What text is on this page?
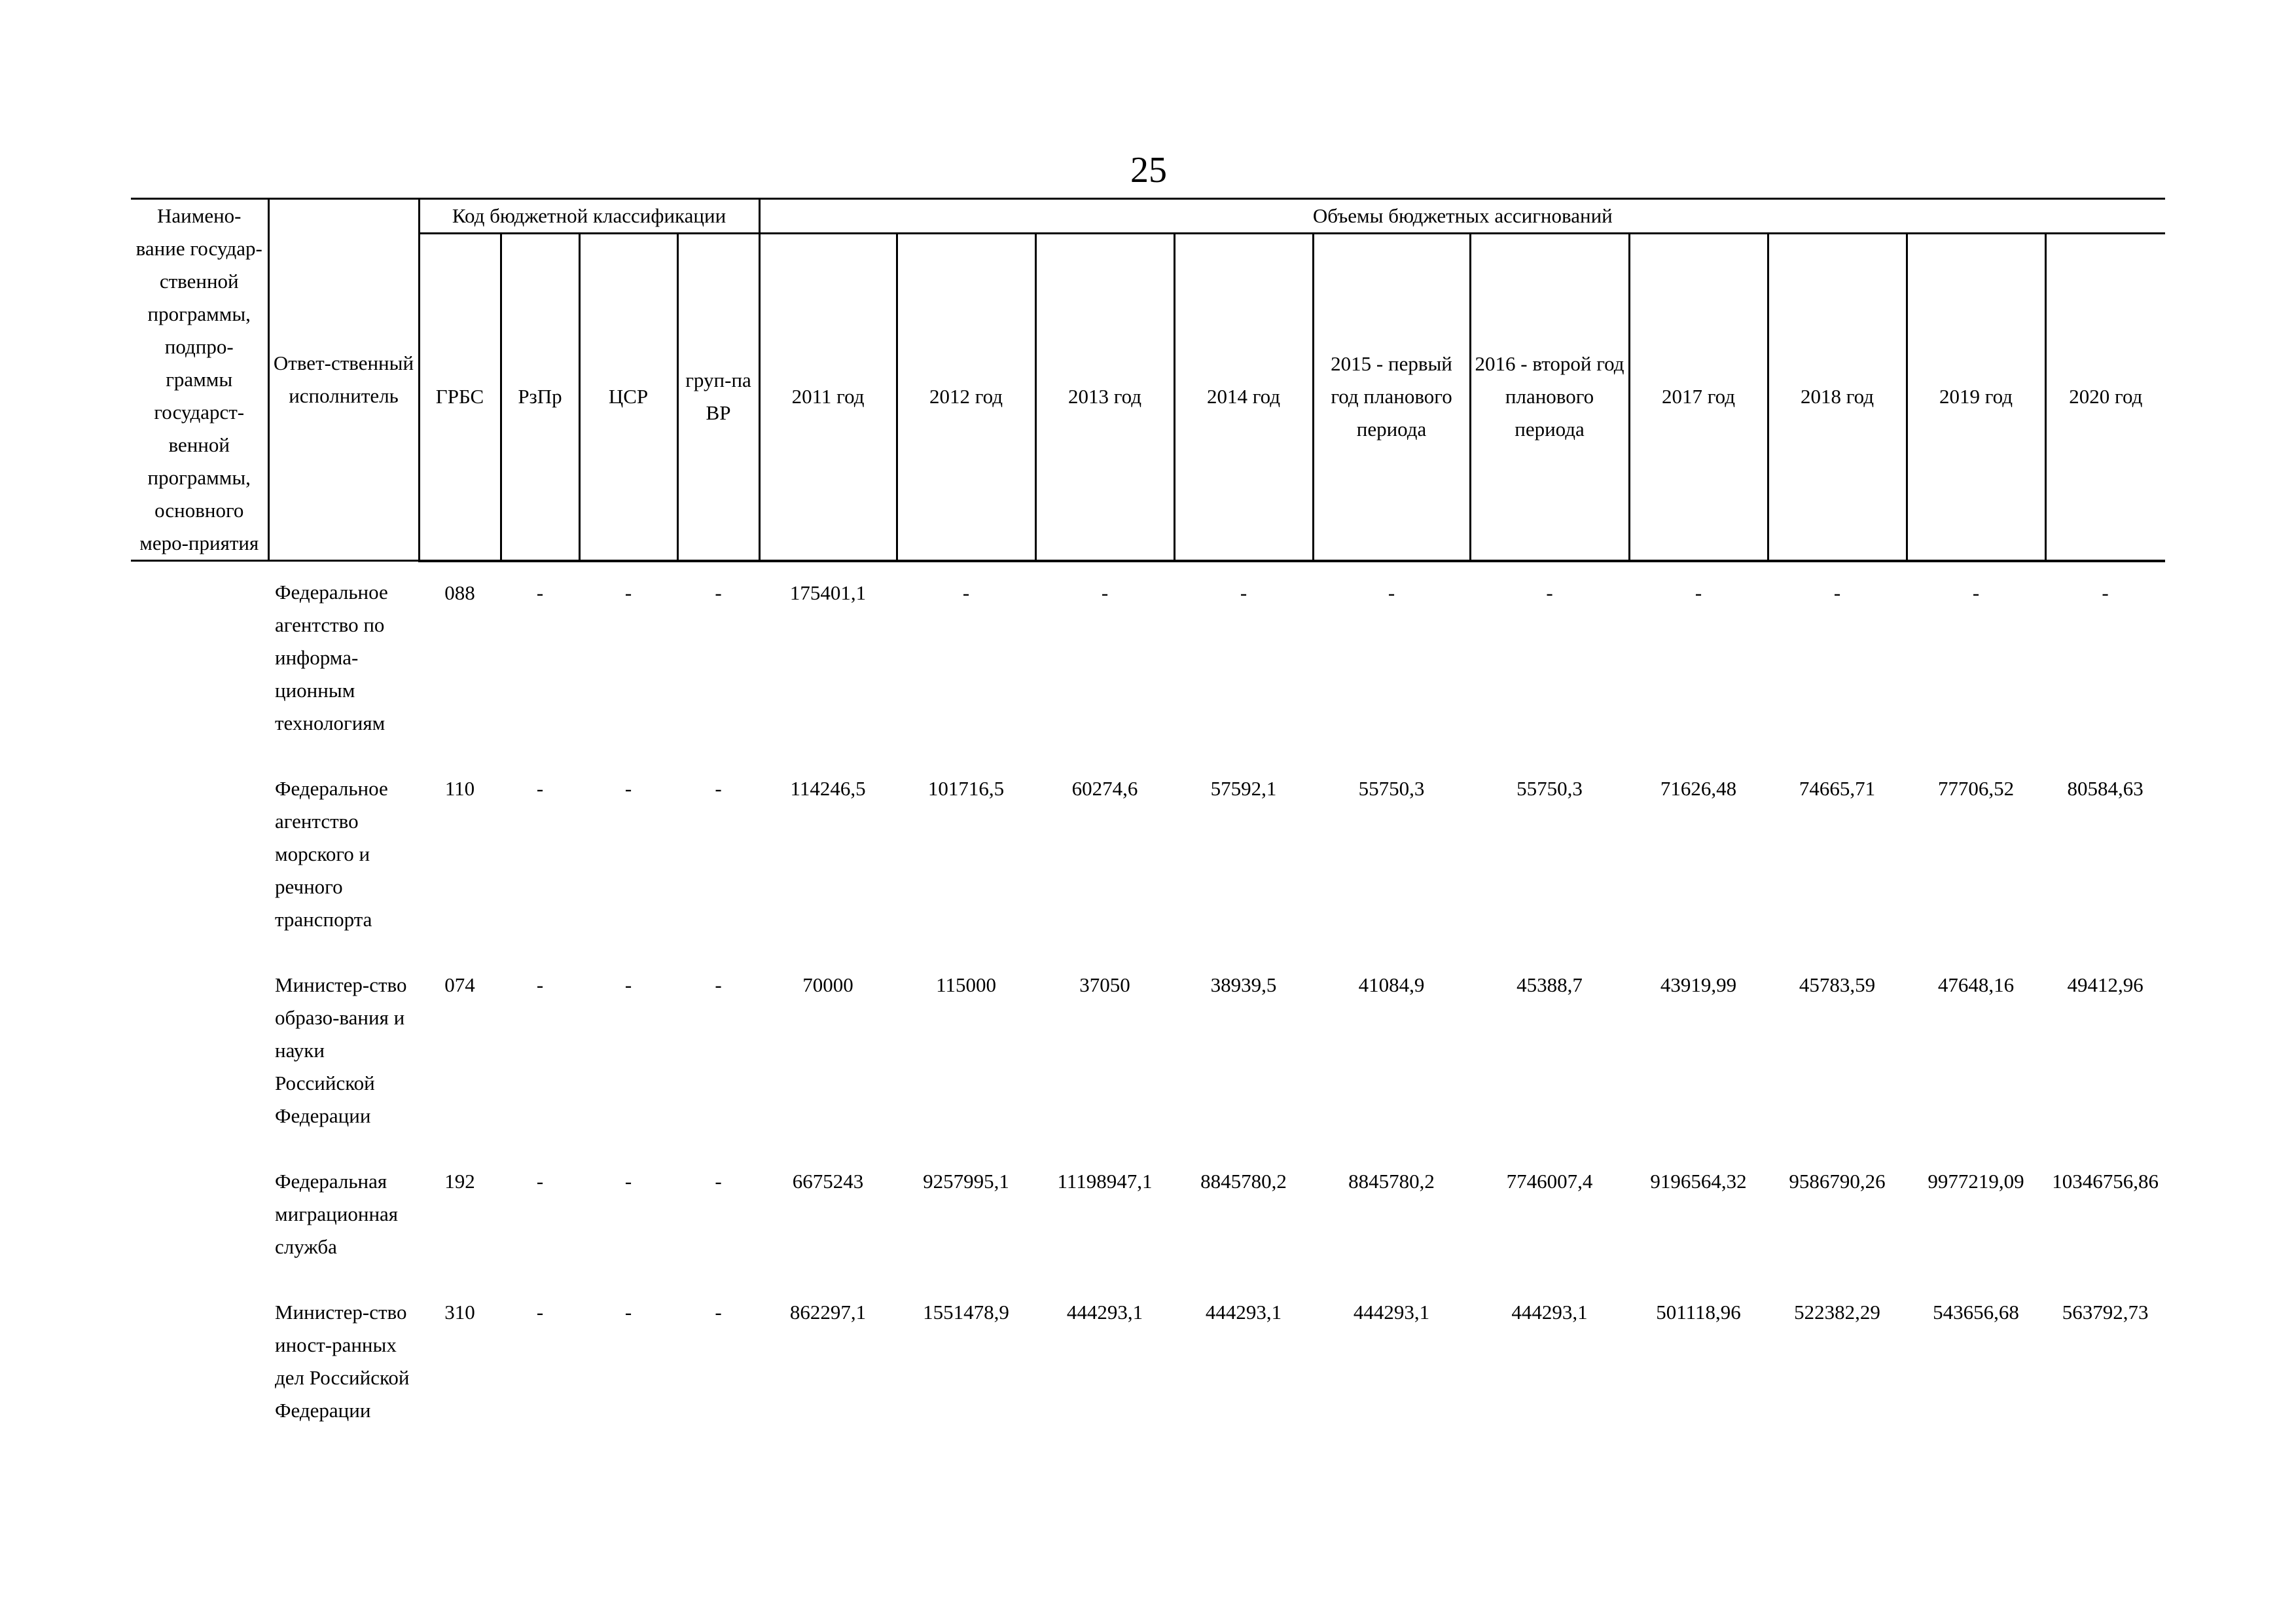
25
Наимено-вание государ-ственной программы, подпро-граммы государст-венной программы, основного меро-приятия	Ответ-ственный исполнитель	Код бюджетной классификации				Объемы бюджетных ассигнований									
		ГРБС	РзПр	ЦСР	груп-па ВР	2011 год	2012 год	2013 год	2014 год	2015 - первый год планового периода	2016 - второй год планового периода	2017 год	2018 год	2019 год	2020 год
	Федеральное агентство по информа-ционным технологиям	088	-	-	-	175401,1	-	-	-	-	-	-	-	-	-
	Федеральное агентство морского и речного транспорта	110	-	-	-	114246,5	101716,5	60274,6	57592,1	55750,3	55750,3	71626,48	74665,71	77706,52	80584,63
	Министер-ство образо-вания и науки Российской Федерации	074	-	-	-	70000	115000	37050	38939,5	41084,9	45388,7	43919,99	45783,59	47648,16	49412,96
	Федеральная миграционная служба	192	-	-	-	6675243	9257995,1	11198947,1	8845780,2	8845780,2	7746007,4	9196564,32	9586790,26	9977219,09	10346756,86
	Министер-ство иност-ранных дел Российской Федерации	310	-	-	-	862297,1	1551478,9	444293,1	444293,1	444293,1	444293,1	501118,96	522382,29	543656,68	563792,73
